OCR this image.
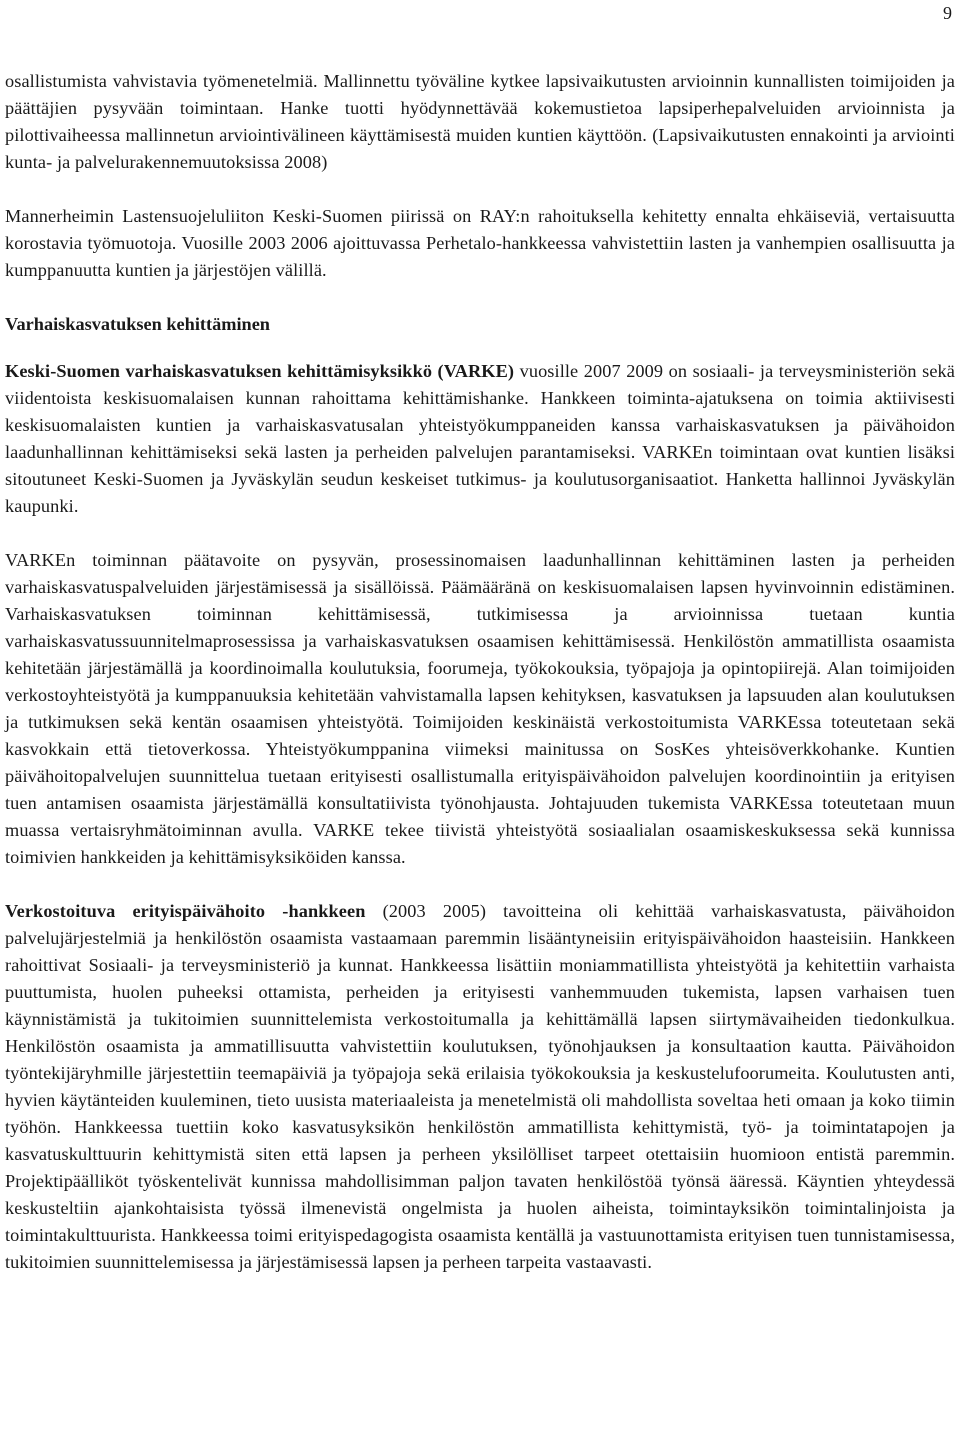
9

osallistumista vahvistavia työmenetelmiä. Mallinnettu työväline kytkee lapsivaikutusten arvioinnin kunnallisten toimijoiden ja päättäjien pysyvään toimintaan. Hanke tuotti hyödynnettävää kokemustietoa lapsiperhepalveluiden arvioinnista ja pilottivaiheessa mallinnetun arviointivälineen käyttämisestä muiden kuntien käyttöön. (Lapsivaikutusten ennakointi ja arviointi kunta- ja palvelurakennemuutoksissa 2008)

Mannerheimin Lastensuojeluliiton Keski-Suomen piirissä on RAY:n rahoituksella kehitetty ennalta ehkäiseviä, vertaisuutta korostavia työmuotoja. Vuosille 2003 2006 ajoittuvassa Perhetalo-hankkeessa vahvistettiin lasten ja vanhempien osallisuutta ja kumppanuutta kuntien ja järjestöjen välillä.

Varhaiskasvatuksen kehittäminen

Keski-Suomen varhaiskasvatuksen kehittämisyksikkö (VARKE) vuosille 2007 2009 on sosiaali- ja terveysministeriön sekä viidentoista keskisuomalaisen kunnan rahoittama kehittämishanke. Hankkeen toiminta-ajatuksena on toimia aktiivisesti keskisuomalaisten kuntien ja varhaiskasvatusalan yhteistyökumppaneiden kanssa varhaiskasvatuksen ja päivähoidon laadunhallinnan kehittämiseksi sekä lasten ja perheiden palvelujen parantamiseksi. VARKEn toimintaan ovat kuntien lisäksi sitoutuneet Keski-Suomen ja Jyväskylän seudun keskeiset tutkimus- ja koulutusorganisaatiot. Hanketta hallinnoi Jyväskylän kaupunki.

VARKEn toiminnan päätavoite on pysyvän, prosessinomaisen laadunhallinnan kehittäminen lasten ja perheiden varhaiskasvatuspalveluiden järjestämisessä ja sisällöissä. Päämääränä on keskisuomalaisen lapsen hyvinvoinnin edistäminen. Varhaiskasvatuksen toiminnan kehittämisessä, tutkimisessa ja arvioinnissa tuetaan kuntia varhaiskasvatussuunnitelmaprosessissa ja varhaiskasvatuksen osaamisen kehittämisessä. Henkilöstön ammatillista osaamista kehitetään järjestämällä ja koordinoimalla koulutuksia, foorumeja, työkokouksia, työpajoja ja opintopiirejä. Alan toimijoiden verkostoyhteistyötä ja kumppanuuksia kehitetään vahvistamalla lapsen kehityksen, kasvatuksen ja lapsuuden alan koulutuksen ja tutkimuksen sekä kentän osaamisen yhteistyötä. Toimijoiden keskinäistä verkostoitumista VARKEssa toteutetaan sekä kasvokkain että tietoverkossa. Yhteistyökumppanina viimeksi mainitussa on SosKes yhteisöverkkohanke. Kuntien päivähoitopalvelujen suunnittelua tuetaan erityisesti osallistumalla erityispäivähoidon palvelujen koordinointiin ja erityisen tuen antamisen osaamista järjestämällä konsultatiivista työnohjausta. Johtajuuden tukemista VARKEssa toteutetaan muun muassa vertaisryhmätoiminnan avulla. VARKE tekee tiivistä yhteistyötä sosiaalialan osaamiskeskuksessa sekä kunnissa toimivien hankkeiden ja kehittämisyksiköiden kanssa.

Verkostoituva erityispäivähoito -hankkeen (2003 2005) tavoitteina oli kehittää varhaiskasvatusta, päivähoidon palvelujärjestelmiä ja henkilöstön osaamista vastaamaan paremmin lisääntyneisiin erityispäivähoidon haasteisiin. Hankkeen rahoittivat Sosiaali- ja terveysministeriö ja kunnat. Hankkeessa lisättiin moniammatillista yhteistyötä ja kehitettiin varhaista puuttumista, huolen puheeksi ottamista, perheiden ja erityisesti vanhemmuuden tukemista, lapsen varhaisen tuen käynnistämistä ja tukitoimien suunnittelemista verkostoitumalla ja kehittämällä lapsen siirtymävaiheiden tiedonkulkua. Henkilöstön osaamista ja ammatillisuutta vahvistettiin koulutuksen, työnohjauksen ja konsultaation kautta. Päivähoidon työntekijäryhmille järjestettiin teemapäiviä ja työpajoja sekä erilaisia työkokouksia ja keskustelufoorumeita. Koulutusten anti, hyvien käytänteiden kuuleminen, tieto uusista materiaaleista ja menetelmistä oli mahdollista soveltaa heti omaan ja koko tiimin työhön. Hankkeessa tuettiin koko kasvatusyksikön henkilöstön ammatillista kehittymistä, työ- ja toimintatapojen ja kasvatuskulttuurin kehittymistä siten että lapsen ja perheen yksilölliset tarpeet otettaisiin huomioon entistä paremmin. Projektipäälliköt työskentelivät kunnissa mahdollisimman paljon tavaten henkilöstöä työnsä ääressä. Käyntien yhteydessä keskusteltiin ajankohtaisista työssä ilmenevistä ongelmista ja huolen aiheista, toimintayksikön toimintalinjoista ja toimintakulttuurista. Hankkeessa toimi erityispedagogista osaamista kentällä ja vastuunottamista erityisen tuen tunnistamisessa, tukitoimien suunnittelemisessa ja järjestämisessä lapsen ja perheen tarpeita vastaavasti.
